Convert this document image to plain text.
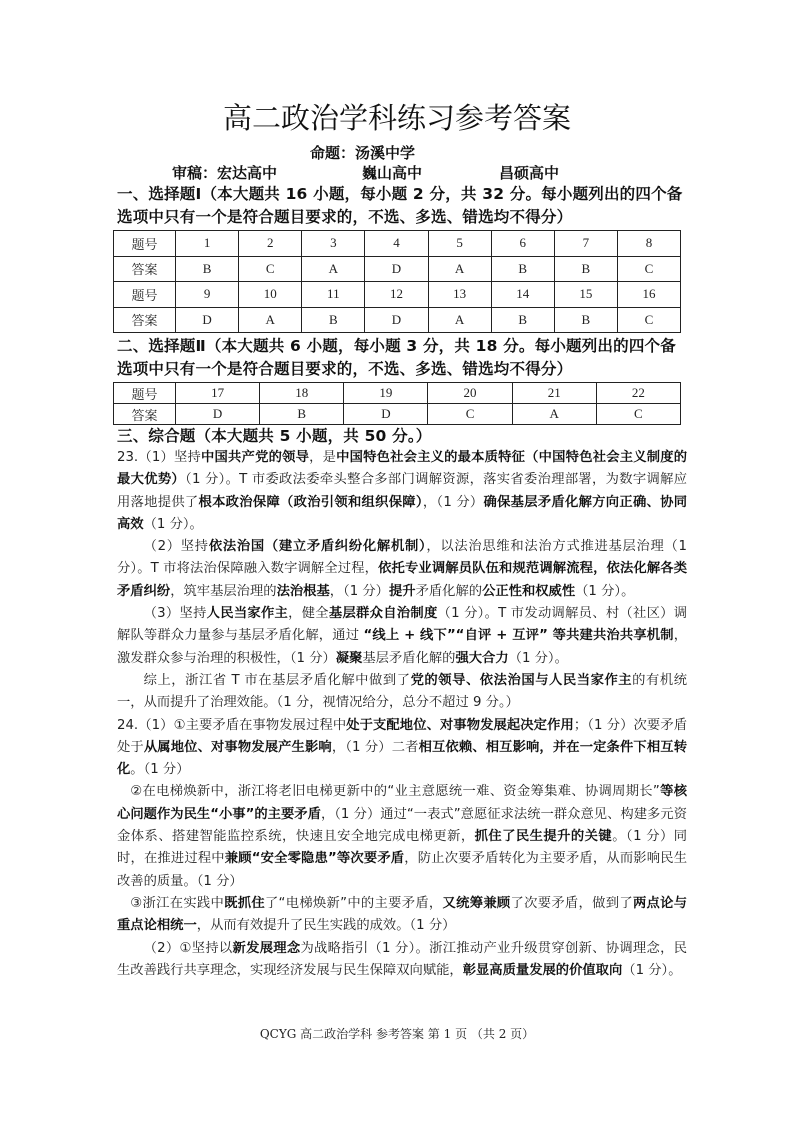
高二政治学科练习参考答案
命题：汤溪中学
审稿： 宏达高中	巍山高中	昌硕高中
一、选择题Ⅰ（本大题共 16 小题，每小题 2 分，共 32 分。每小题列出的四个备选项中只有一个是符合题目要求的，不选、多选、错选均不得分）
题号	1	2	3	4	5	6	7	8
答案	B	C	A	D	A	B	B	C
题号	9	10	11	12	13	14	15	16
答案	D	A	B	D	A	B	B	C
二、选择题Ⅱ（本大题共 6 小题，每小题 3 分，共 18 分。每小题列出的四个备选项中只有一个是符合题目要求的，不选、多选、错选均不得分）
题号	17	18	19	20	21	22
答案	D	B	D	C	A	C
三、综合题（本大题共 5 小题，共 50 分。）

23.（1）坚持中国共产党的领导，是中国特色社会主义的最本质特征（中国特色社会主义制度的最大优势）（1 分）。T 市委政法委牵头整合多部门调解资源，落实省委治理部署，为数字调解应用落地提供了根本政治保障（政治引领和组织保障），（1 分）确保基层矛盾化解方向正确、协同高效（1 分）。

（2）坚持依法治国（建立矛盾纠纷化解机制），以法治思维和法治方式推进基层治理（1 分）。T 市将法治保障融入数字调解全过程，依托专业调解员队伍和规范调解流程，依法化解各类矛盾纠纷，筑牢基层治理的法治根基，（1 分）提升矛盾化解的公正性和权威性（1 分）。

（3）坚持人民当家作主，健全基层群众自治制度（1 分）。T 市发动调解员、村（社区）调解队等群众力量参与基层矛盾化解，通过 “线上 + 线下”“自评 + 互评” 等共建共治共享机制，激发群众参与治理的积极性，（1 分）凝聚基层矛盾化解的强大合力（1 分）。

综上，浙江省 T 市在基层矛盾化解中做到了党的领导、依法治国与人民当家作主的有机统一，从而提升了治理效能。（1 分，视情况给分，总分不超过 9 分。）

24.（1）①主要矛盾在事物发展过程中处于支配地位、对事物发展起决定作用；（1 分）次要矛盾处于从属地位、对事物发展产生影响，（1 分）二者相互依赖、相互影响，并在一定条件下相互转化。（1 分）

②在电梯焕新中，浙江将老旧电梯更新中的“业主意愿统一难、资金筹集难、协调周期长”等核心问题作为民生“小事”的主要矛盾，（1 分）通过“一表式”意愿征求法统一群众意见、构建多元资金体系、搭建智能监控系统，快速且安全地完成电梯更新，抓住了民生提升的关键。（1 分）同时，在推进过程中兼顾“安全零隐患”等次要矛盾，防止次要矛盾转化为主要矛盾，从而影响民生改善的质量。（1 分）

③浙江在实践中既抓住了“电梯焕新”中的主要矛盾，又统筹兼顾了次要矛盾，做到了两点论与重点论相统一，从而有效提升了民生实践的成效。（1 分）

（2）①坚持以新发展理念为战略指引（1 分）。浙江推动产业升级贯穿创新、协调理念，民生改善践行共享理念，实现经济发展与民生保障双向赋能，彰显高质量发展的价值取向（1 分）。

QCYG 高二政治学科 参考答案 第 1 页 （共 2 页）
